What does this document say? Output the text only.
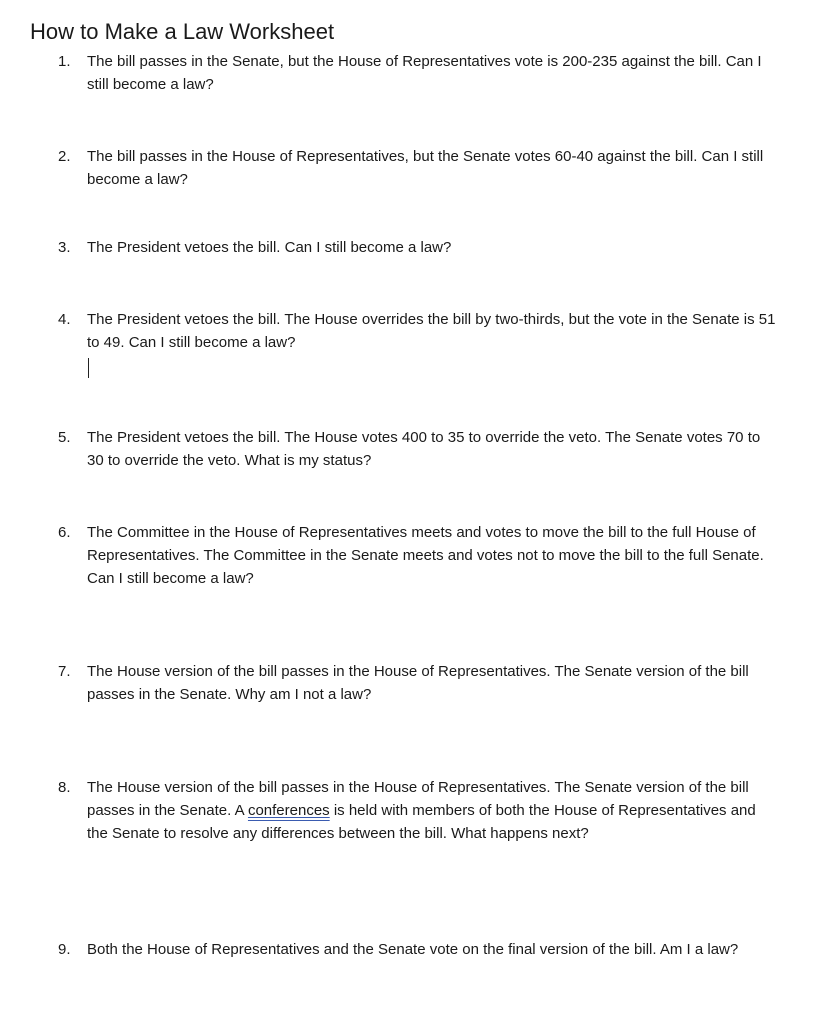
How to Make a Law Worksheet
1.	The bill passes in the Senate, but the House of Representatives vote is 200-235 against the bill. Can I still become a law?
2.	The bill passes in the House of Representatives, but the Senate votes 60-40 against the bill. Can I still become a law?
3.	The President vetoes the bill. Can I still become a law?
4.	The President vetoes the bill. The House overrides the bill by two-thirds, but the vote in the Senate is 51 to 49. Can I still become a law?
5.	The President vetoes the bill. The House votes 400 to 35 to override the veto. The Senate votes 70 to 30 to override the veto. What is my status?
6.	The Committee in the House of Representatives meets and votes to move the bill to the full House of Representatives. The Committee in the Senate meets and votes not to move the bill to the full Senate. Can I still become a law?
7.	The House version of the bill passes in the House of Representatives. The Senate version of the bill passes in the Senate. Why am I not a law?
8.	The House version of the bill passes in the House of Representatives. The Senate version of the bill passes in the Senate. A conferences is held with members of both the House of Representatives and the Senate to resolve any differences between the bill. What happens next?
9.	Both the House of Representatives and the Senate vote on the final version of the bill. Am I a law?
